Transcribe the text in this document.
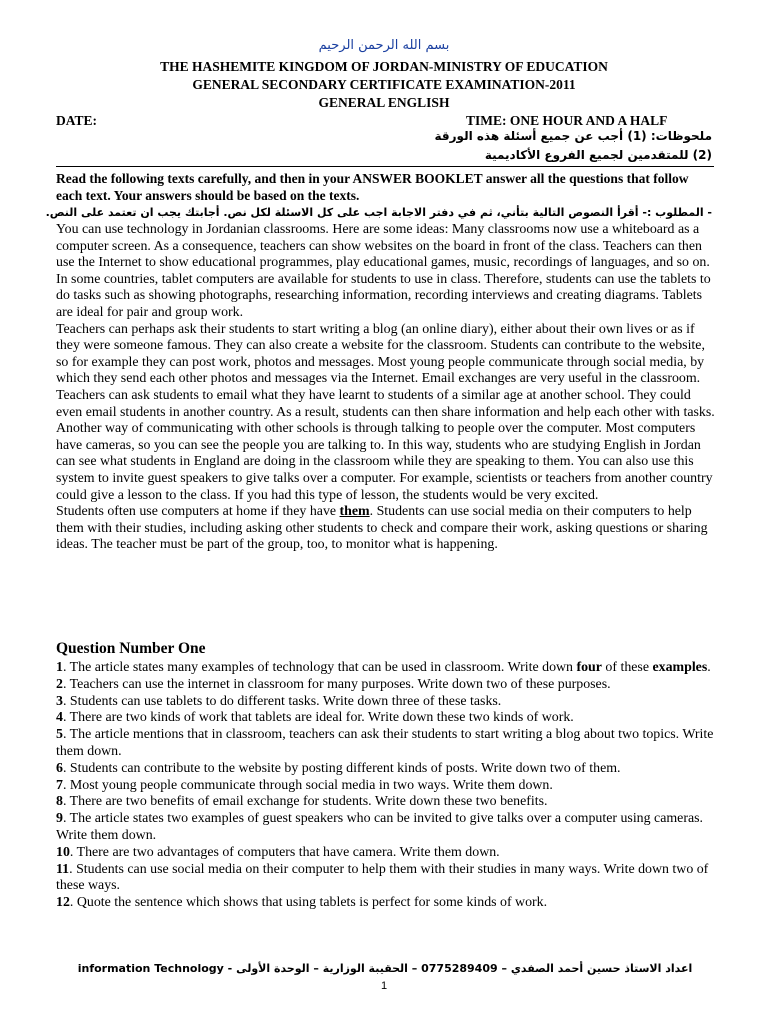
بسم الله الرحمن الرحيم
THE HASHEMITE KINGDOM OF JORDAN-MINISTRY OF EDUCATION
GENERAL SECONDARY CERTIFICATE EXAMINATION-2011
GENERAL ENGLISH
DATE:	TIME: ONE HOUR AND A HALF
ملحوظات: (1) أجب عن جميع أسئلة هذه الورقة
(2) للمتقدمين لجميع الفروع الأكاديمية
Read the following texts carefully, and then in your ANSWER BOOKLET answer all the questions that follow each text. Your answers should be based on the texts.
- المطلوب :- أقرأ النصوص التالية بتأني، ثم في دفتر الاجابة اجب على كل الاسئلة لكل نص. أجابتك يجب ان تعتمد على النص.

You can use technology in Jordanian classrooms. Here are some ideas: Many classrooms now use a whiteboard as a computer screen. As a consequence, teachers can show websites on the board in front of the class. Teachers can then use the Internet to show educational programmes, play educational games, music, recordings of languages, and so on. In some countries, tablet computers are available for students to use in class. Therefore, students can use the tablets to do tasks such as showing photographs, researching information, recording interviews and creating diagrams. Tablets are ideal for pair and group work.

Teachers can perhaps ask their students to start writing a blog (an online diary), either about their own lives or as if they were someone famous. They can also create a website for the classroom. Students can contribute to the website, so for example they can post work, photos and messages. Most young people communicate through social media, by which they send each other photos and messages via the Internet. Email exchanges are very useful in the classroom. Teachers can ask students to email what they have learnt to students of a similar age at another school. They could even email students in another country. As a result, students can then share information and help each other with tasks.

Another way of communicating with other schools is through talking to people over the computer. Most computers have cameras, so you can see the people you are talking to. In this way, students who are studying English in Jordan can see what students in England are doing in the classroom while they are speaking to them. You can also use this system to invite guest speakers to give talks over a computer. For example, scientists or teachers from another country could give a lesson to the class. If you had this type of lesson, the students would be very excited.

Students often use computers at home if they have them. Students can use social media on their computers to help them with their studies, including asking other students to check and compare their work, asking questions or sharing ideas. The teacher must be part of the group, too, to monitor what is happening.

Question Number One

1. The article states many examples of technology that can be used in classroom. Write down four of these examples.

2. Teachers can use the internet in classroom for many purposes. Write down two of these purposes.

3. Students can use tablets to do different tasks. Write down three of these tasks.

4. There are two kinds of work that tablets are ideal for. Write down these two kinds of work.

5. The article mentions that in classroom, teachers can ask their students to start writing a blog about two topics. Write them down.

6. Students can contribute to the website by posting different kinds of posts. Write down two of them.

7. Most young people communicate through social media in two ways. Write them down.

8. There are two benefits of email exchange for students. Write down these two benefits.

9. The article states two examples of guest speakers who can be invited to give talks over a computer using cameras. Write them down.

10. There are two advantages of computers that have camera. Write them down.

11. Students can use social media on their computer to help them with their studies in many ways. Write down two of these ways.

12. Quote the sentence which shows that using tablets is perfect for some kinds of work.

اعداد الاستاذ حسين أحمد الصفدي – 0775289409 – الحقيبة الوزارية – الوحدة الأولى - information Technology
1
